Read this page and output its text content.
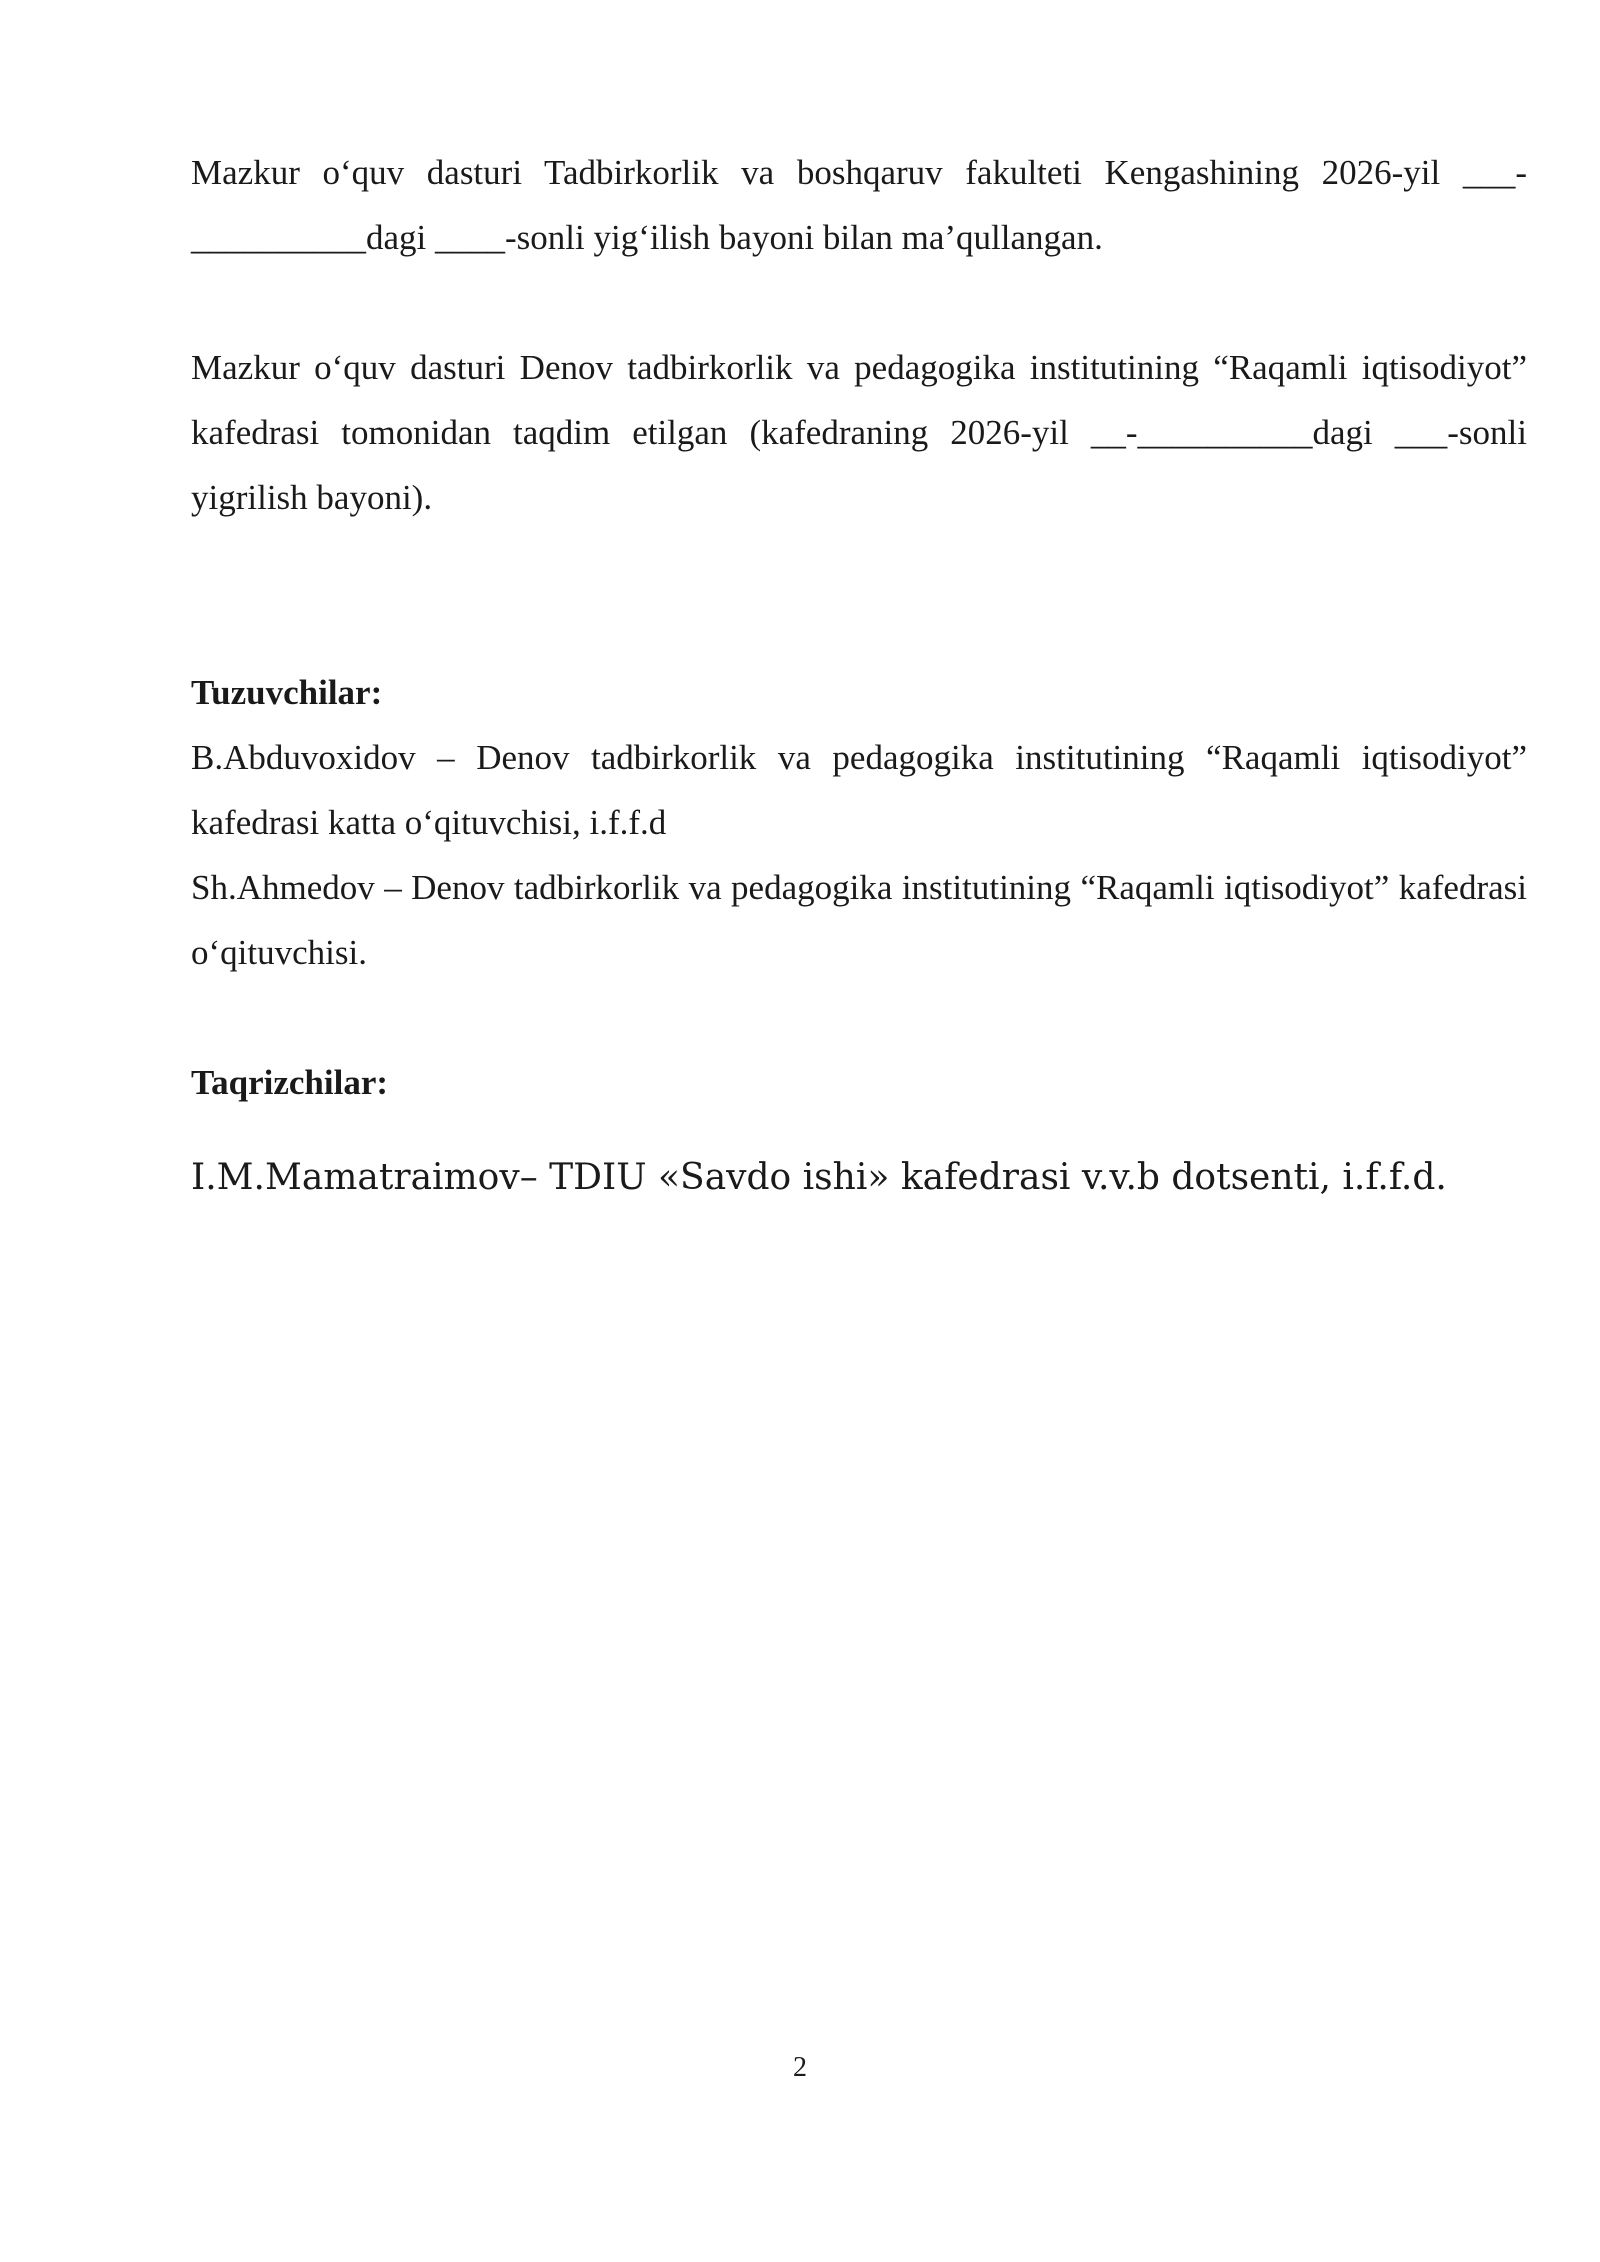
Mazkur o‘quv dasturi Tadbirkorlik va boshqaruv fakulteti Kengashining 2026-yil ___-__________dagi ____-sonli yig‘ilish bayoni bilan ma’qullangan.

Mazkur o‘quv dasturi Denov tadbirkorlik va pedagogika institutining “Raqamli iqtisodiyot” kafedrasi tomonidan taqdim etilgan (kafedraning 2026-yil __-__________dagi ___-sonli yigrilish bayoni).

Tuzuvchilar:

B.Abduvoxidov – Denov tadbirkorlik va pedagogika institutining “Raqamli iqtisodiyot” kafedrasi katta o‘qituvchisi, i.f.f.d

Sh.Ahmedov – Denov tadbirkorlik va pedagogika institutining “Raqamli iqtisodiyot” kafedrasi o‘qituvchisi.

Taqrizchilar:

I.M.Mamatraimov– TDIU «Savdo ishi» kafedrasi v.v.b dotsenti, i.f.f.d.

2
